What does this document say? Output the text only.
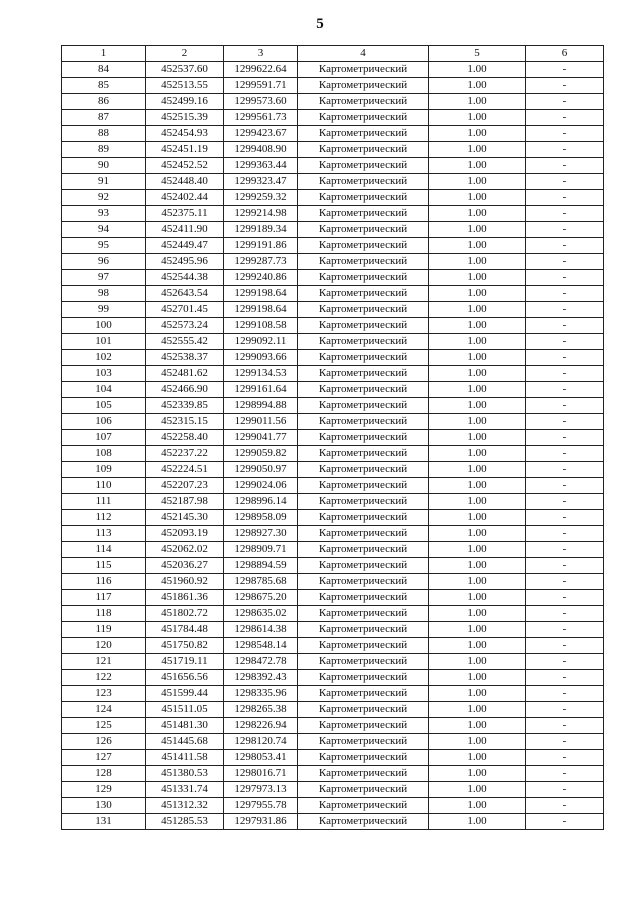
5
1	2	3	4	5	6
84	452537.60	1299622.64	Картометрический	1.00	-
85	452513.55	1299591.71	Картометрический	1.00	-
86	452499.16	1299573.60	Картометрический	1.00	-
87	452515.39	1299561.73	Картометрический	1.00	-
88	452454.93	1299423.67	Картометрический	1.00	-
89	452451.19	1299408.90	Картометрический	1.00	-
90	452452.52	1299363.44	Картометрический	1.00	-
91	452448.40	1299323.47	Картометрический	1.00	-
92	452402.44	1299259.32	Картометрический	1.00	-
93	452375.11	1299214.98	Картометрический	1.00	-
94	452411.90	1299189.34	Картометрический	1.00	-
95	452449.47	1299191.86	Картометрический	1.00	-
96	452495.96	1299287.73	Картометрический	1.00	-
97	452544.38	1299240.86	Картометрический	1.00	-
98	452643.54	1299198.64	Картометрический	1.00	-
99	452701.45	1299198.64	Картометрический	1.00	-
100	452573.24	1299108.58	Картометрический	1.00	-
101	452555.42	1299092.11	Картометрический	1.00	-
102	452538.37	1299093.66	Картометрический	1.00	-
103	452481.62	1299134.53	Картометрический	1.00	-
104	452466.90	1299161.64	Картометрический	1.00	-
105	452339.85	1298994.88	Картометрический	1.00	-
106	452315.15	1299011.56	Картометрический	1.00	-
107	452258.40	1299041.77	Картометрический	1.00	-
108	452237.22	1299059.82	Картометрический	1.00	-
109	452224.51	1299050.97	Картометрический	1.00	-
110	452207.23	1299024.06	Картометрический	1.00	-
111	452187.98	1298996.14	Картометрический	1.00	-
112	452145.30	1298958.09	Картометрический	1.00	-
113	452093.19	1298927.30	Картометрический	1.00	-
114	452062.02	1298909.71	Картометрический	1.00	-
115	452036.27	1298894.59	Картометрический	1.00	-
116	451960.92	1298785.68	Картометрический	1.00	-
117	451861.36	1298675.20	Картометрический	1.00	-
118	451802.72	1298635.02	Картометрический	1.00	-
119	451784.48	1298614.38	Картометрический	1.00	-
120	451750.82	1298548.14	Картометрический	1.00	-
121	451719.11	1298472.78	Картометрический	1.00	-
122	451656.56	1298392.43	Картометрический	1.00	-
123	451599.44	1298335.96	Картометрический	1.00	-
124	451511.05	1298265.38	Картометрический	1.00	-
125	451481.30	1298226.94	Картометрический	1.00	-
126	451445.68	1298120.74	Картометрический	1.00	-
127	451411.58	1298053.41	Картометрический	1.00	-
128	451380.53	1298016.71	Картометрический	1.00	-
129	451331.74	1297973.13	Картометрический	1.00	-
130	451312.32	1297955.78	Картометрический	1.00	-
131	451285.53	1297931.86	Картометрический	1.00	-
